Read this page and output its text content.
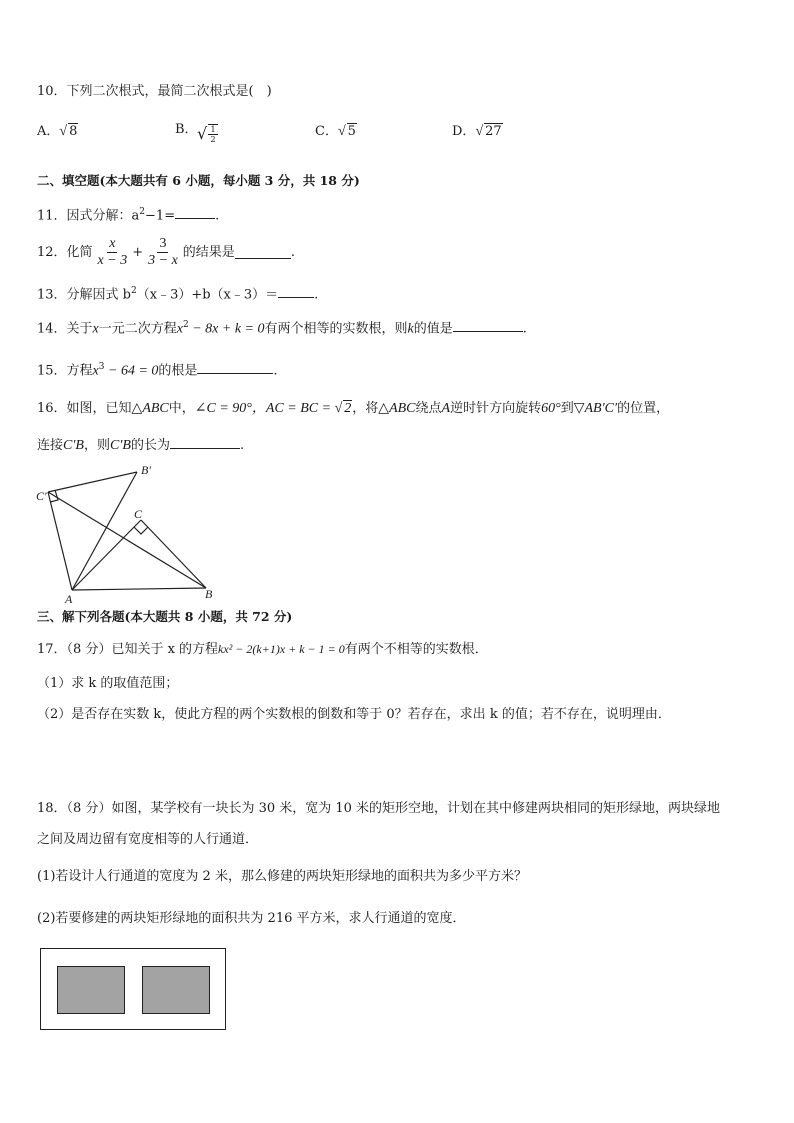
10．下列二次根式，最简二次根式是(　)
A．√ 8	B． √ $\frac{1}{2}$	C．√ 5	D．√ 27
二、填空题(本大题共有 6 小题，每小题 3 分，共 18 分)
11．因式分解：$a^2-1=$	.
12．化简 $\frac{x}{x - 3} + \frac{3}{3 - x}$ 的结果是	.
13．分解因式 $b^2(x﹣3)+b(x﹣3)=$	.
14．关于x一元二次方程$x^2 - 8x + k = 0$有两个相等的实数根，则k的值是	.
15．方程$x^3 - 64 = 0$的根是	.
16．如图，已知△ABC中，∠C = 90°，AC = BC = √ 2，将△ABC绕点A逆时针方向旋转60°到▽AB′C′的位置，
连接C′B，则C′B的长为	.
C′
B′
C
A	B
三、解下列各题(本大题共 8 小题，共 72 分)
17．（8 分）已知关于 x 的方程kx² − 2(k+1)x + k − 1 = 0有两个不相等的实数根．
（1）求 k 的取值范围；
（2）是否存在实数 k，使此方程的两个实数根的倒数和等于 0？若存在，求出 k 的值；若不存在，说明理由．
18．（8 分）如图，某学校有一块长为 30 米，宽为 10 米的矩形空地，计划在其中修建两块相同的矩形绿地，两块绿地
之间及周边留有宽度相等的人行通道．
(1)若设计人行通道的宽度为 2 米，那么修建的两块矩形绿地的面积共为多少平方米？
(2)若要修建的两块矩形绿地的面积共为 216 平方米，求人行通道的宽度．
